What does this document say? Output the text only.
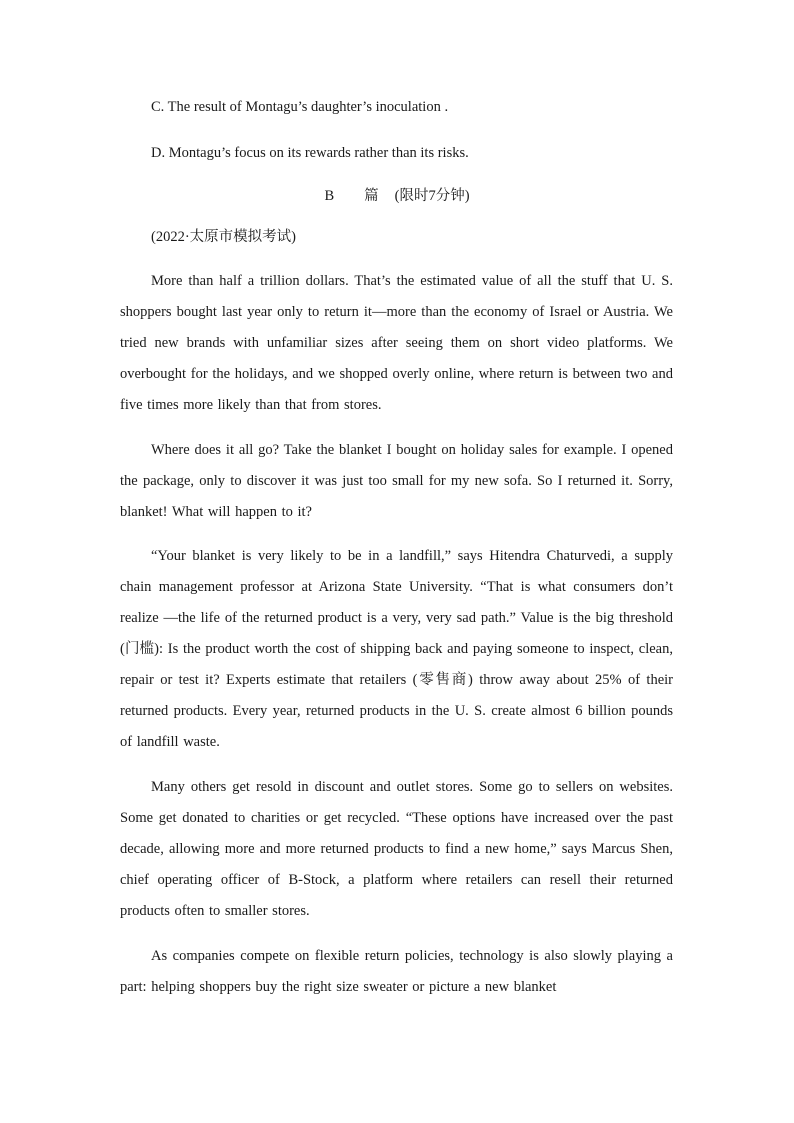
C. The result of Montagu’s daughter’s inoculation .
D. Montagu’s focus on its rewards rather than its risks.
B 篇 (限时7分钟)
(2022·太原市模拟考试)

More than half a trillion dollars. That’s the estimated value of all the stuff that U. S. shoppers bought last year only to return it—more than the economy of Israel or Austria. We tried new brands with unfamiliar sizes after seeing them on short video platforms. We overbought for the holidays, and we shopped overly online, where return is between two and five times more likely than that from stores.

Where does it all go? Take the blanket I bought on holiday sales for example. I opened the package, only to discover it was just too small for my new sofa. So I returned it. Sorry, blanket! What will happen to it?

“Your blanket is very likely to be in a landfill,” says Hitendra Chaturvedi, a supply chain management professor at Arizona State University. “That is what consumers don’t realize —the life of the returned product is a very, very sad path.” Value is the big threshold (门槛): Is the product worth the cost of shipping back and paying someone to inspect, clean, repair or test it? Experts estimate that retailers (零售商) throw away about 25% of their returned products. Every year, returned products in the U. S. create almost 6 billion pounds of landfill waste.

Many others get resold in discount and outlet stores. Some go to sellers on websites. Some get donated to charities or get recycled. “These options have increased over the past decade, allowing more and more returned products to find a new home,” says Marcus Shen, chief operating officer of B-Stock, a platform where retailers can resell their returned products often to smaller stores.

As companies compete on flexible return policies, technology is also slowly playing a part: helping shoppers buy the right size sweater or picture a new blanket
